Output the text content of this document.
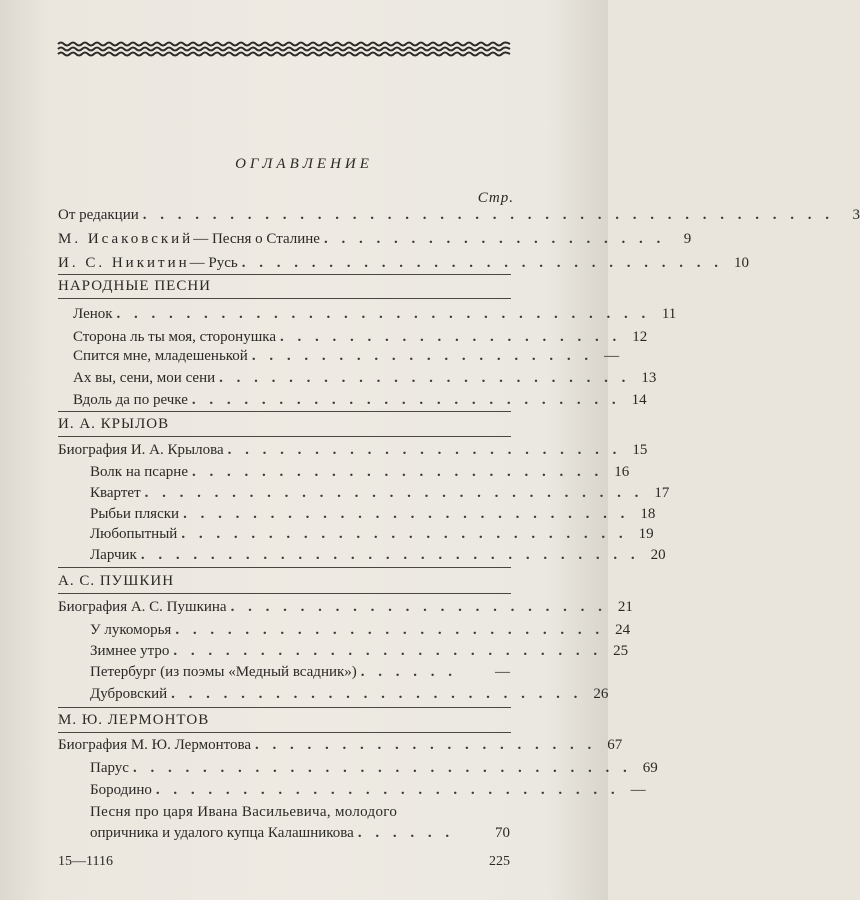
ОГЛАВЛЕНИЕ
Стр.
От редакции . . . . . . . . . . . . . . . . . . . . . . . . . . . . . . . . . . . . . . . .	3
М. Исаковский— Песня о Сталине . . . . . . . . . . . . . . . . . . . .	9
И. С. Никитин— Русь . . . . . . . . . . . . . . . . . . . . . . . . . . . . 10
НАРОДНЫЕ ПЕСНИ
Ленок . . . . . . . . . . . . . . . . . . . . . . . . . . . . . . . 11
Сторона ль ты моя, сторонушка . . . . . . . . . . . . . . . . . . . . 12
Спится мне, младешенькой . . . . . . . . . . . . . . . . . . . . —
Ах вы, сени, мои сени . . . . . . . . . . . . . . . . . . . . . . . . 13
Вдоль да по речке . . . . . . . . . . . . . . . . . . . . . . . . . 14
И. А. КРЫЛОВ
Биография И. А. Крылова . . . . . . . . . . . . . . . . . . . . . . . 15
Волк на псарне . . . . . . . . . . . . . . . . . . . . . . . . 16
Квартет . . . . . . . . . . . . . . . . . . . . . . . . . . . . . 17
Рыбьи пляски . . . . . . . . . . . . . . . . . . . . . . . . . . 18
Любопытный . . . . . . . . . . . . . . . . . . . . . . . . . . 19
Ларчик . . . . . . . . . . . . . . . . . . . . . . . . . . . . . 20
А. С. ПУШКИН
Биография А. С. Пушкина . . . . . . . . . . . . . . . . . . . . . . 21
У лукоморья . . . . . . . . . . . . . . . . . . . . . . . . . 24
Зимнее утро . . . . . . . . . . . . . . . . . . . . . . . . . 25
Петербург (из поэмы «Медный всадник») . . . . . .	—
Дубровский . . . . . . . . . . . . . . . . . . . . . . . . 26
М. Ю. ЛЕРМОНТОВ
Биография М. Ю. Лермонтова . . . . . . . . . . . . . . . . . . . . 67
Парус . . . . . . . . . . . . . . . . . . . . . . . . . . . . . 69
Бородино . . . . . . . . . . . . . . . . . . . . . . . . . . . —
Песня про царя Ивана Васильевича, молодого
опричника и удалого купца Калашникова . . . . . .	70
15—1116	225
